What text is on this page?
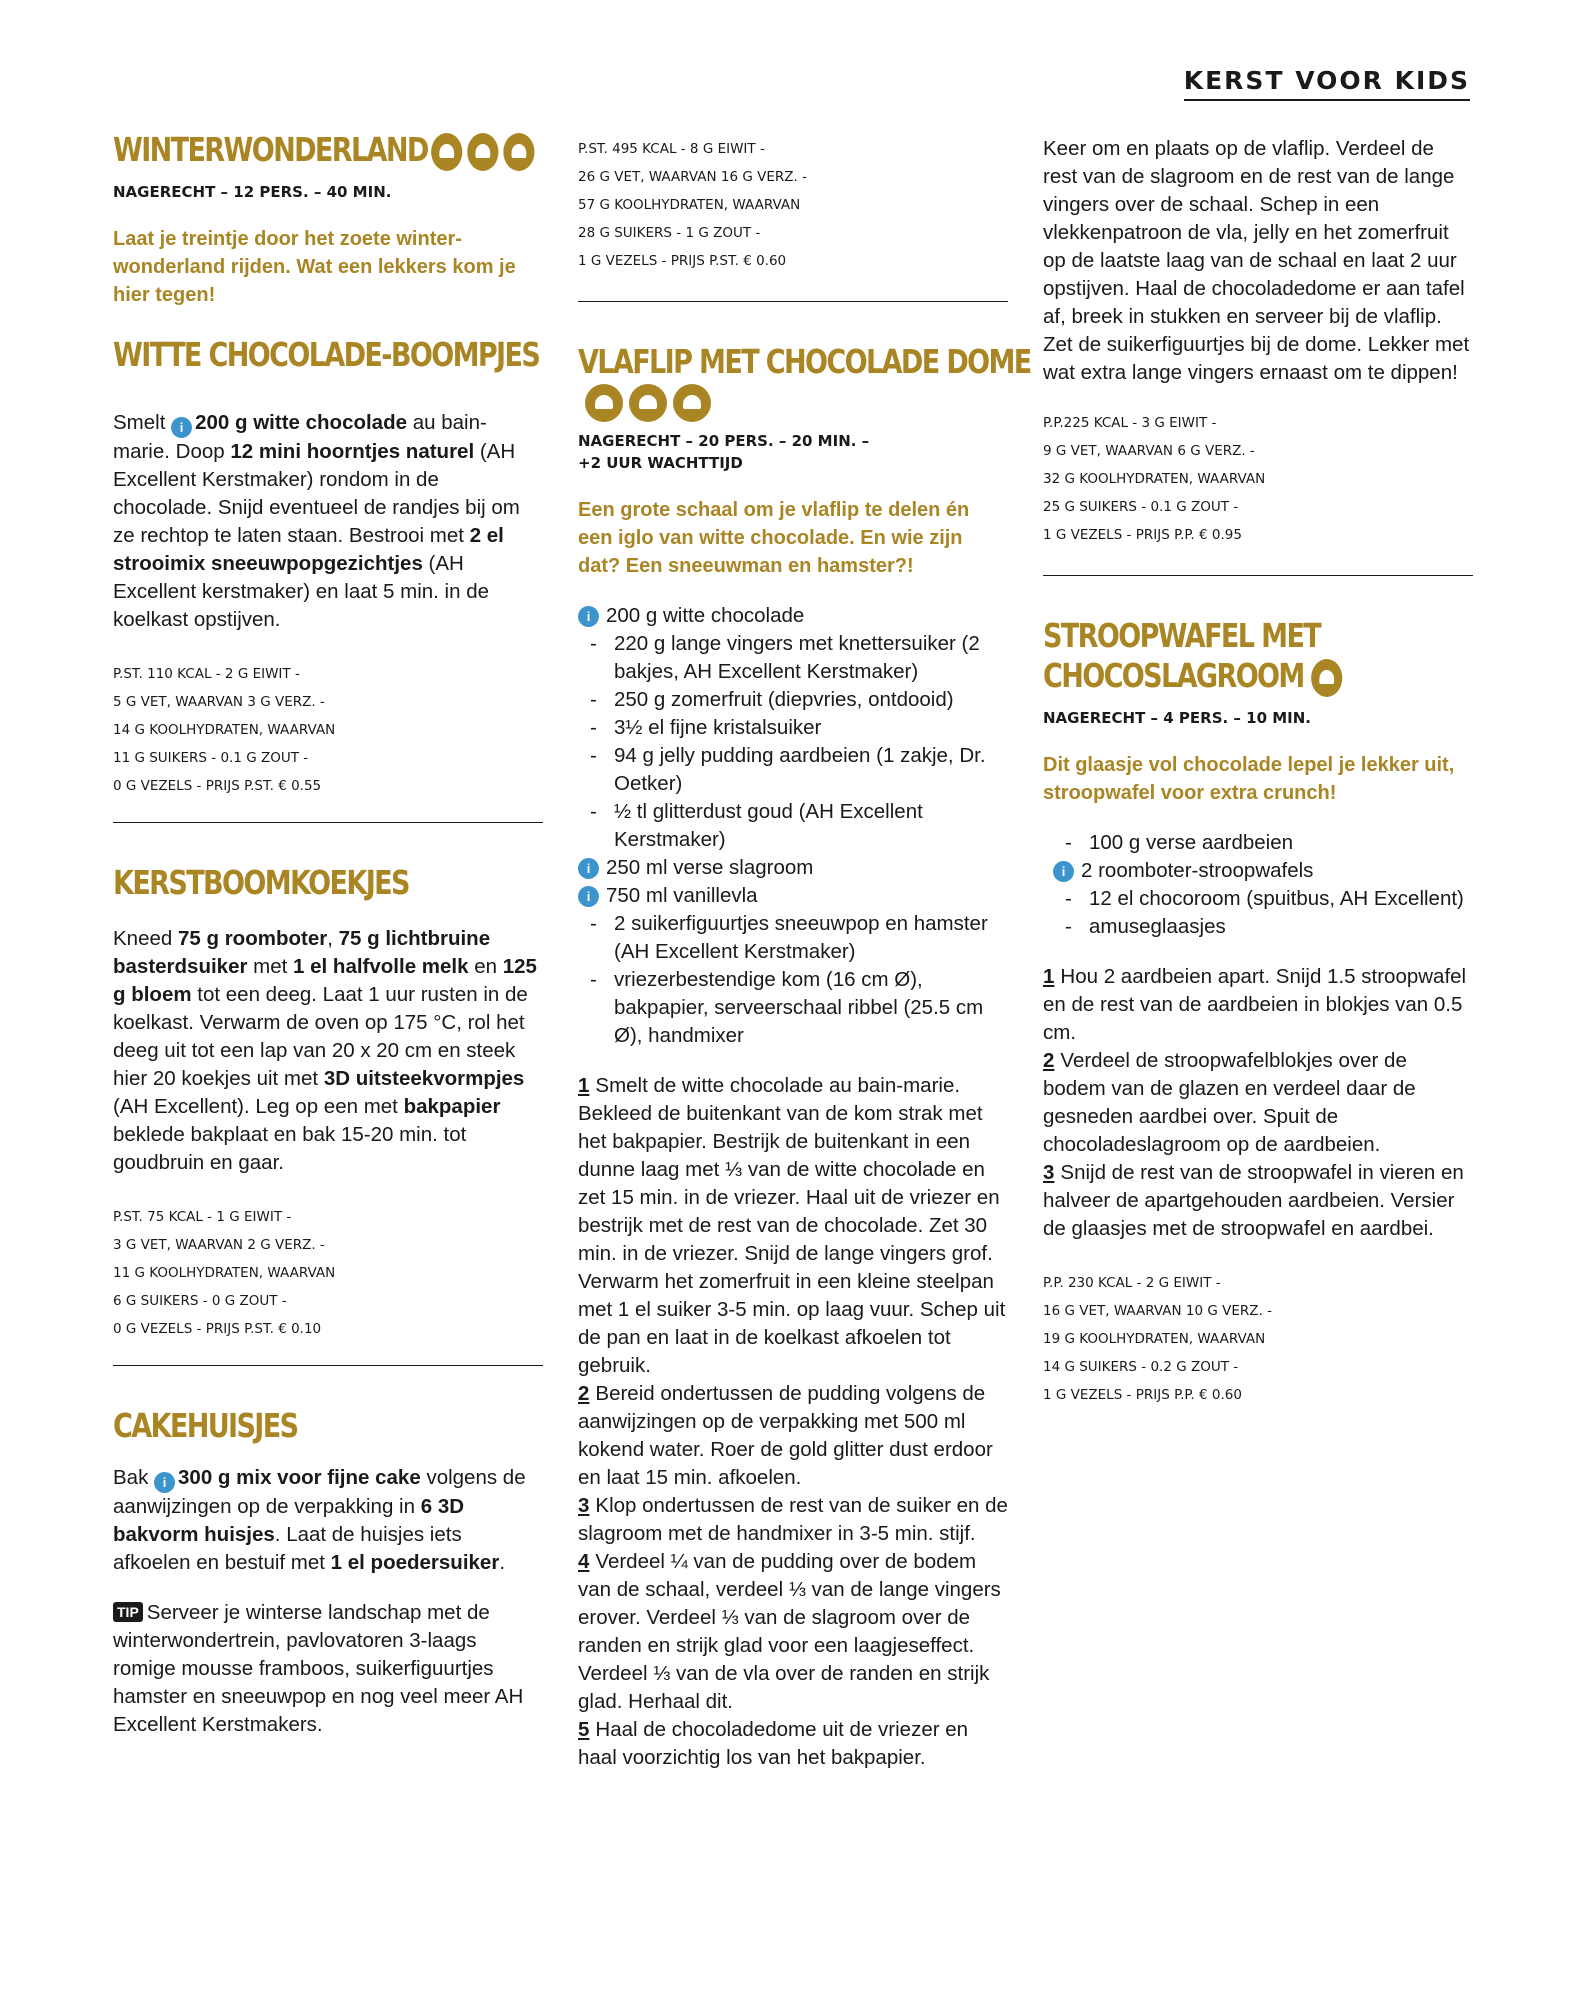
KERST VOOR KIDS
WINTERWONDERLAND

NAGERECHT – 12 PERS. – 40 MIN.

Laat je treintje door het zoete winter-wonderland rijden. Wat een lekkers kom je hier tegen!

WITTE CHOCOLADE-BOOMPJES

Smelt i 200 g witte chocolade au bain-marie. Doop 12 mini hoorntjes naturel (AH Excellent Kerstmaker) rondom in de chocolade. Snijd eventueel de randjes bij om ze rechtop te laten staan. Bestrooi met 2 el strooimix sneeuwpopgezichtjes (AH Excellent kerstmaker) en laat 5 min. in de koelkast opstijven.

P.ST. 110 KCAL - 2 G EIWIT -

5 G VET, WAARVAN 3 G VERZ. -

14 G KOOLHYDRATEN, WAARVAN

11 G SUIKERS - 0.1 G ZOUT -

0 G VEZELS - PRIJS P.ST. € 0.55

KERSTBOOMKOEKJES

Kneed 75 g roomboter, 75 g lichtbruine basterdsuiker met 1 el halfvolle melk en 125 g bloem tot een deeg. Laat 1 uur rusten in de koelkast. Verwarm de oven op 175 °C, rol het deeg uit tot een lap van 20 x 20 cm en steek hier 20 koekjes uit met 3D uitsteekvormpjes (AH Excellent). Leg op een met bakpapier beklede bakplaat en bak 15-20 min. tot goudbruin en gaar.

P.ST. 75 KCAL - 1 G EIWIT -

3 G VET, WAARVAN 2 G VERZ. -

11 G KOOLHYDRATEN, WAARVAN

6 G SUIKERS - 0 G ZOUT -

0 G VEZELS - PRIJS P.ST. € 0.10

CAKEHUISJES

Bak i 300 g mix voor fijne cake volgens de aanwijzingen op de verpakking in 6 3D bakvorm huisjes. Laat de huisjes iets afkoelen en bestuif met 1 el poedersuiker.

TIP Serveer je winterse landschap met de winterwondertrein, pavlovatoren 3-laags romige mousse framboos, suikerfiguurtjes hamster en sneeuwpop en nog veel meer AH Excellent Kerstmakers.

P.ST. 495 KCAL - 8 G EIWIT -

26 G VET, WAARVAN 16 G VERZ. -

57 G KOOLHYDRATEN, WAARVAN

28 G SUIKERS - 1 G ZOUT -

1 G VEZELS - PRIJS P.ST. € 0.60

VLAFLIP MET CHOCOLADE DOME

NAGERECHT – 20 PERS. – 20 MIN. –
+2 UUR WACHTTIJD

Een grote schaal om je vlaflip te delen én een iglo van witte chocolade. En wie zijn dat? Een sneeuwman en hamster?!

i 200 g witte chocolade
- 220 g lange vingers met knettersuiker (2 bakjes, AH Excellent Kerstmaker)
- 250 g zomerfruit (diepvries, ontdooid)
- 3½ el fijne kristalsuiker
- 94 g jelly pudding aardbeien (1 zakje, Dr. Oetker)
- ½ tl glitterdust goud (AH Excellent Kerstmaker)
i 250 ml verse slagroom
i 750 ml vanillevla
- 2 suikerfiguurtjes sneeuwpop en hamster (AH Excellent Kerstmaker)
- vriezerbestendige kom (16 cm Ø), bakpapier, serveerschaal ribbel (25.5 cm Ø), handmixer

1 Smelt de witte chocolade au bain-marie. Bekleed de buitenkant van de kom strak met het bakpapier. Bestrijk de buitenkant in een dunne laag met ⅓ van de witte chocolade en zet 15 min. in de vriezer. Haal uit de vriezer en bestrijk met de rest van de chocolade. Zet 30 min. in de vriezer. Snijd de lange vingers grof. Verwarm het zomerfruit in een kleine steelpan met 1 el suiker 3-5 min. op laag vuur. Schep uit de pan en laat in de koelkast afkoelen tot gebruik.

2 Bereid ondertussen de pudding volgens de aanwijzingen op de verpakking met 500 ml kokend water. Roer de gold glitter dust erdoor en laat 15 min. afkoelen.

3 Klop ondertussen de rest van de suiker en de slagroom met de handmixer in 3-5 min. stijf.

4 Verdeel ¼ van de pudding over de bodem van de schaal, verdeel ⅓ van de lange vingers erover. Verdeel ⅓ van de slagroom over de randen en strijk glad voor een laagjeseffect. Verdeel ⅓ van de vla over de randen en strijk glad. Herhaal dit.

5 Haal de chocoladedome uit de vriezer en haal voorzichtig los van het bakpapier.

Keer om en plaats op de vlaflip. Verdeel de rest van de slagroom en de rest van de lange vingers over de schaal. Schep in een vlekkenpatroon de vla, jelly en het zomerfruit op de laatste laag van de schaal en laat 2 uur opstijven. Haal de chocoladedome er aan tafel af, breek in stukken en serveer bij de vlaflip. Zet de suikerfiguurtjes bij de dome. Lekker met wat extra lange vingers ernaast om te dippen!

P.P.225 KCAL - 3 G EIWIT -

9 G VET, WAARVAN 6 G VERZ. -

32 G KOOLHYDRATEN, WAARVAN

25 G SUIKERS - 0.1 G ZOUT -

1 G VEZELS - PRIJS P.P. € 0.95

STROOPWAFEL MET CHOCOSLAGROOM

NAGERECHT – 4 PERS. – 10 MIN.

Dit glaasje vol chocolade lepel je lekker uit, stroopwafel voor extra crunch!

- 100 g verse aardbeien
i 2 roomboter-stroopwafels
- 12 el chocoroom (spuitbus, AH Excellent)
- amuseglaasjes

1 Hou 2 aardbeien apart. Snijd 1.5 stroopwafel en de rest van de aardbeien in blokjes van 0.5 cm.

2 Verdeel de stroopwafelblokjes over de bodem van de glazen en verdeel daar de gesneden aardbei over. Spuit de chocoladeslagroom op de aardbeien.

3 Snijd de rest van de stroopwafel in vieren en halveer de apartgehouden aardbeien. Versier de glaasjes met de stroopwafel en aardbei.

P.P. 230 KCAL - 2 G EIWIT -

16 G VET, WAARVAN 10 G VERZ. -

19 G KOOLHYDRATEN, WAARVAN

14 G SUIKERS - 0.2 G ZOUT -

1 G VEZELS - PRIJS P.P. € 0.60
